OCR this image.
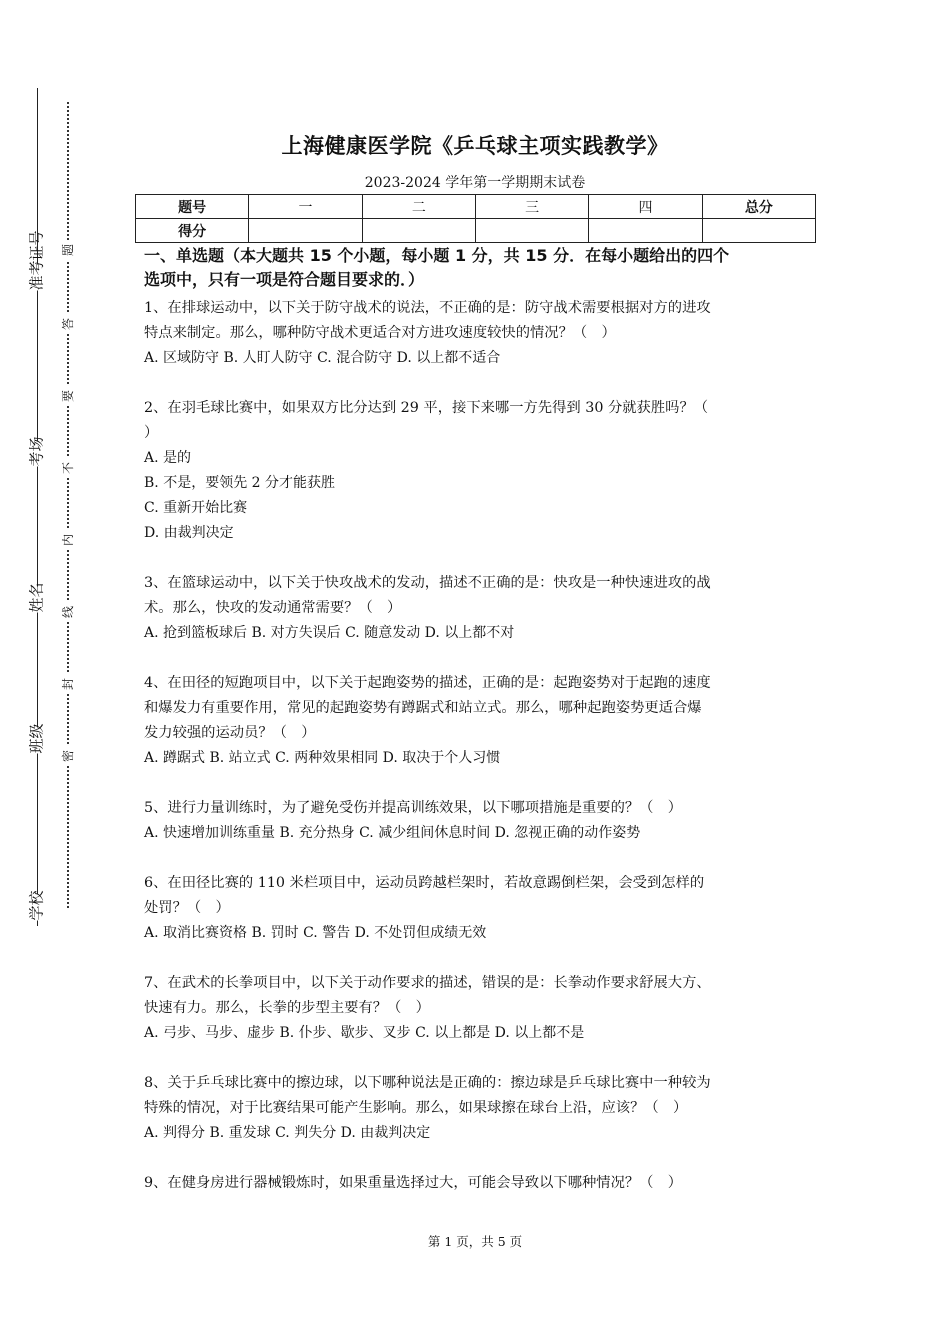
准考证号
考场
姓名
班级
学校
题
答
要
不
内
线
封
密
上海健康医学院《乒乓球主项实践教学》
2023-2024 学年第一学期期末试卷
题号	一	二	三	四	总分
得分					
一、单选题（本大题共 15 个小题，每小题 1 分，共 15 分．在每小题给出的四个
选项中，只有一项是符合题目要求的．）
1、在排球运动中，以下关于防守战术的说法，不正确的是：防守战术需要根据对方的进攻
特点来制定。那么，哪种防守战术更适合对方进攻速度较快的情况？（　）
A. 区域防守 B. 人盯人防守 C. 混合防守 D. 以上都不适合
2、在羽毛球比赛中，如果双方比分达到 29 平，接下来哪一方先得到 30 分就获胜吗？（
）
A. 是的
B. 不是，要领先 2 分才能获胜
C. 重新开始比赛
D. 由裁判决定
3、在篮球运动中，以下关于快攻战术的发动，描述不正确的是：快攻是一种快速进攻的战
术。那么，快攻的发动通常需要？（　）
A. 抢到篮板球后 B. 对方失误后 C. 随意发动 D. 以上都不对
4、在田径的短跑项目中，以下关于起跑姿势的描述，正确的是：起跑姿势对于起跑的速度
和爆发力有重要作用，常见的起跑姿势有蹲踞式和站立式。那么，哪种起跑姿势更适合爆
发力较强的运动员？（　）
A. 蹲踞式 B. 站立式 C. 两种效果相同 D. 取决于个人习惯
5、进行力量训练时，为了避免受伤并提高训练效果，以下哪项措施是重要的？（　）
A. 快速增加训练重量 B. 充分热身 C. 减少组间休息时间 D. 忽视正确的动作姿势
6、在田径比赛的 110 米栏项目中，运动员跨越栏架时，若故意踢倒栏架，会受到怎样的
处罚？（　）
A. 取消比赛资格 B. 罚时 C. 警告 D. 不处罚但成绩无效
7、在武术的长拳项目中，以下关于动作要求的描述，错误的是：长拳动作要求舒展大方、
快速有力。那么，长拳的步型主要有？（　）
A. 弓步、马步、虚步 B. 仆步、歇步、叉步 C. 以上都是 D. 以上都不是
8、关于乒乓球比赛中的擦边球，以下哪种说法是正确的：擦边球是乒乓球比赛中一种较为
特殊的情况，对于比赛结果可能产生影响。那么，如果球擦在球台上沿，应该？（　）
A. 判得分 B. 重发球 C. 判失分 D. 由裁判决定
9、在健身房进行器械锻炼时，如果重量选择过大，可能会导致以下哪种情况？（　）
第 1 页，共 5 页
